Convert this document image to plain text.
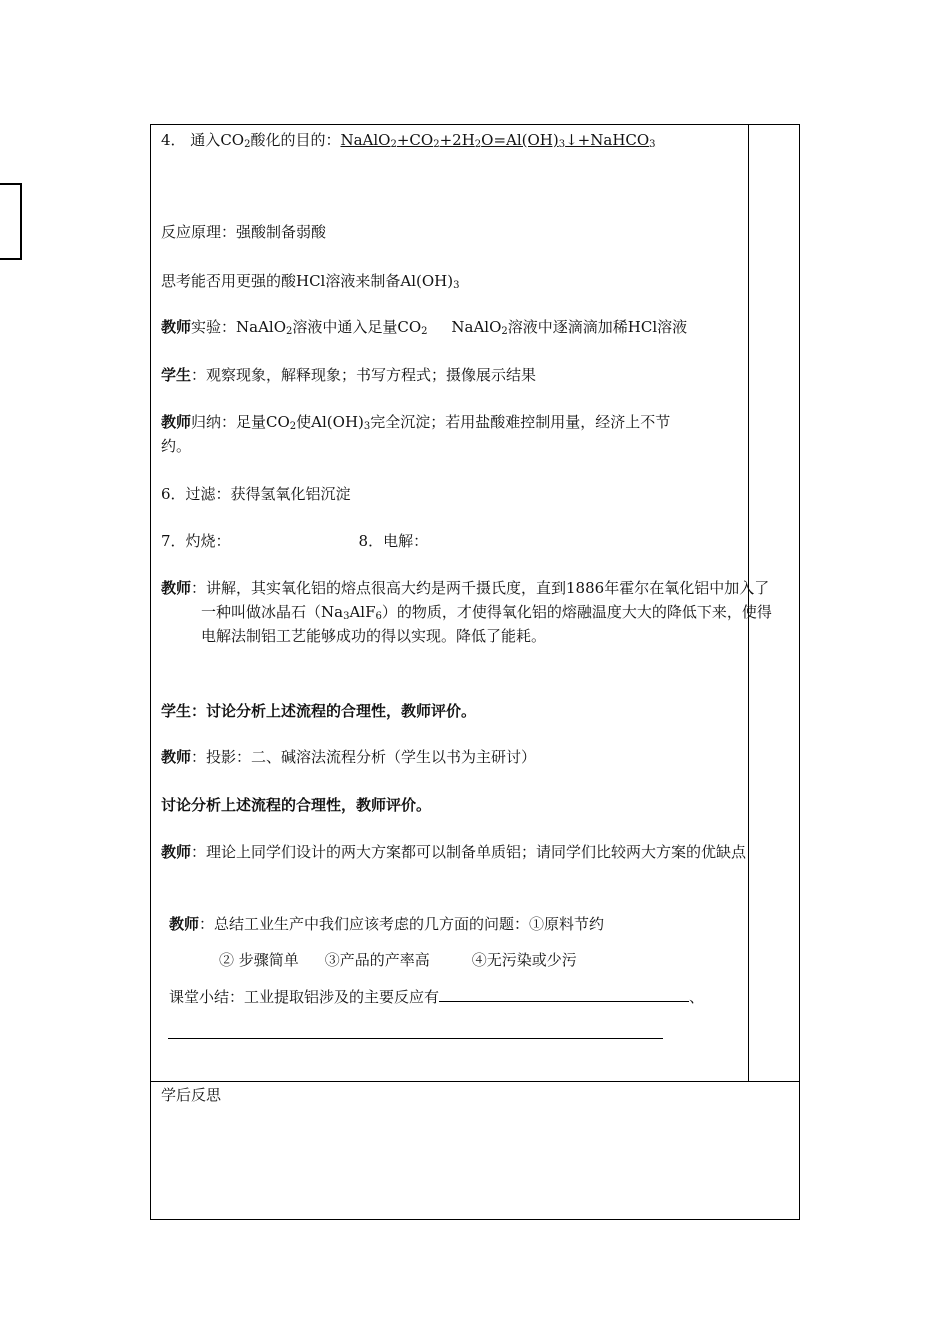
4． 通入$CO_2$酸化的目的：$NaAlO_2+CO_2+2H_2O=Al(OH)_3↓+NaHCO_3$
反应原理：强酸制备弱酸
思考能否用更强的酸HCl溶液来制备$Al(OH)_3$
教师实验：NaAlO$_2$溶液中通入足量$CO_2$     NaAlO$_2$溶液中逐滴滴加稀HCl溶液
学生：观察现象，解释现象；书写方程式；摄像展示结果
教师归纳：足量$CO_2$使$Al(OH)_3$完全沉淀；若用盐酸难控制用量，经济上不节
约。
6．过滤：获得氢氧化铝沉淀
7．灼烧：	8．电解：
教师：讲解，其实氧化铝的熔点很高大约是两千摄氏度，直到1886年霍尔在氧化铝中加入了一种叫做冰晶石$(Na_3AlF_6)$的物质，才使得氧化铝的熔融温度大大的降低下来，使得电解法制铝工艺能够成功的得以实现。降低了能耗。
学生：讨论分析上述流程的合理性，教师评价。
教师：投影：二、碱溶法流程分析（学生以书为主研讨）
讨论分析上述流程的合理性，教师评价。
教师：理论上同学们设计的两大方案都可以制备单质铝；请同学们比较两大方案的优缺点
教师：总结工业生产中我们应该考虑的几方面的问题：①原料节约
② 步骤简单 ③产品的产率高	④无污染或少污
课堂小结：工业提取铝涉及的主要反应有	、
学后反思
